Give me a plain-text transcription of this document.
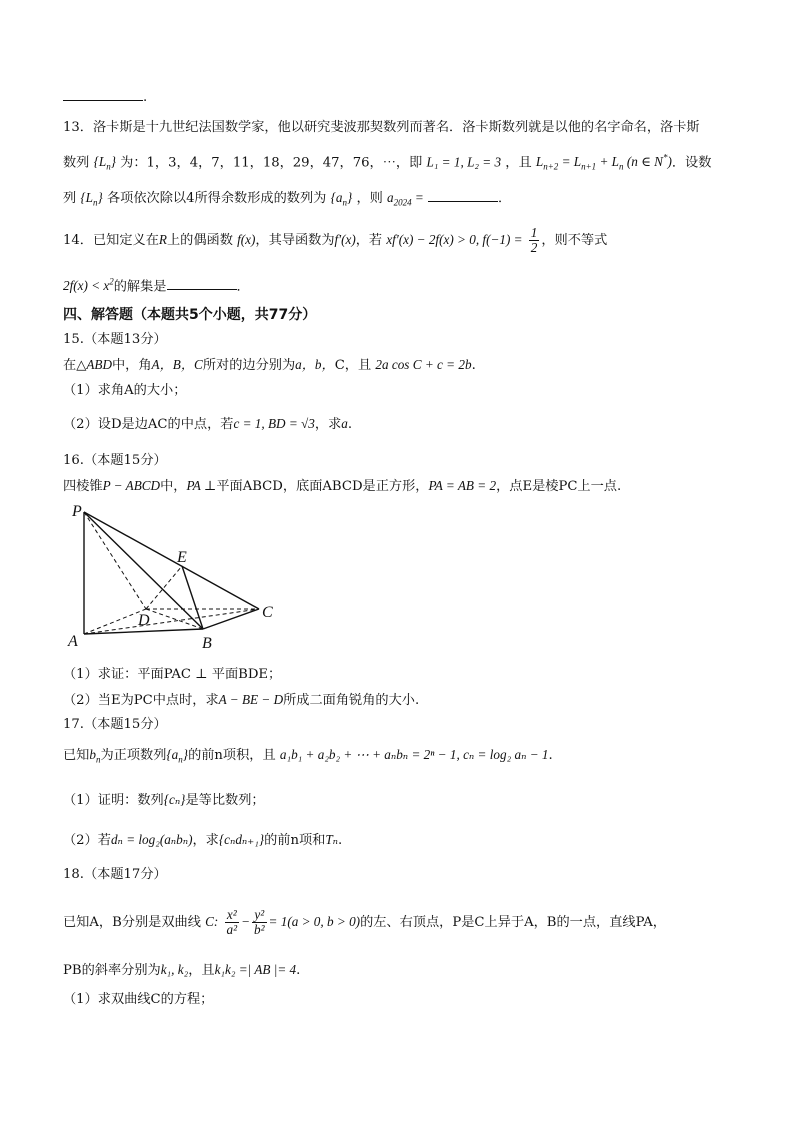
.
13．洛卡斯是十九世纪法国数学家，他以研究斐波那契数列而著名．洛卡斯数列就是以他的名字命名，洛卡斯
数列 $\{L_n\}$ 为：1，3，4，7，11，18，29，47，76，⋯，即 L₁ = 1, L₂ = 3 ，且 $L_{n+2} = L_{n+1} + L_n$ (n ∈ N*)．设数
列 $\{L_n\}$ 各项依次除以4所得余数形成的数列为 $\{a_n\}$ ，则 $a_{2024}$ =	．
14．已知定义在R上的偶函数 f(x)，其导函数为f′(x)，若 xf′(x) − 2f(x) > 0, $f(-1) = \frac{1}{2}$ ，则不等式
$2f(x) < x^2$的解集是	．
四、解答题（本题共5个小题，共77分）
15.（本题13分）
在△ABD中，角A，B，C所对的边分别为a，b，C，且 2a cos C + c = 2b.
（1）求角A的大小；
（2）设D是边AC的中点，若c = 1, BD = √3，求a.
16.（本题15分）
四棱锥P − ABCD中，PA ⊥平面ABCD，底面ABCD是正方形，PA = AB = 2，点E是棱PC上一点.
P
E
C
D
A	B
（1）求证：平面PAC ⊥ 平面BDE；
（2）当E为PC中点时，求A − BE − D所成二面角锐角的大小.
17.（本题15分）
已知$b_n$为正项数列$\{a_n\}$的前n项积，且 a₁b₁ + a₂b₂ + ⋯ + aₙbₙ = 2ⁿ − 1, cₙ = log₂ aₙ − 1.
（1）证明：数列{cₙ}是等比数列；
（2）若dₙ = log₂(aₙbₙ)，求{cₙdₙ₊₁}的前n项和Tₙ.
18.（本题17分）
已知A，B分别是双曲线 C: $\frac{\text{x²}}{\text{a²}} - \frac{\text{y²}}{\text{b²}} = 1(a > 0$, b > 0)的左、右顶点，P是C上异于A，B的一点，直线PA，
PB的斜率分别为k₁, k₂，且k₁k₂ =| AB |= 4.
（1）求双曲线C的方程；
